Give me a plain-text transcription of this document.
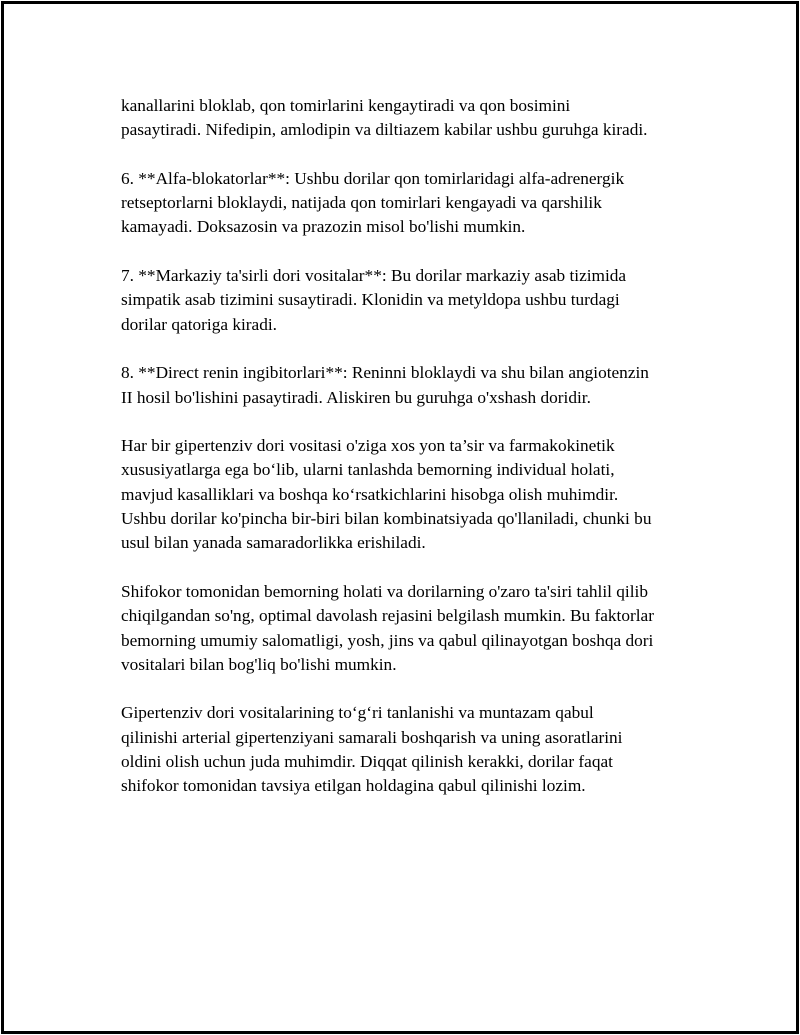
kanallarini bloklab, qon tomirlarini kengaytiradi va qon bosimini
pasaytiradi. Nifedipin, amlodipin va diltiazem kabilar ushbu guruhga kiradi.

6. **Alfa-blokatorlar**: Ushbu dorilar qon tomirlaridagi alfa-adrenergik
retseptorlarni bloklaydi, natijada qon tomirlari kengayadi va qarshilik
kamayadi. Doksazosin va prazozin misol bo'lishi mumkin.

7. **Markaziy ta'sirli dori vositalar**: Bu dorilar markaziy asab tizimida
simpatik asab tizimini susaytiradi. Klonidin va metyldopa ushbu turdagi
dorilar qatoriga kiradi.

8. **Direct renin ingibitorlari**: Reninni bloklaydi va shu bilan angiotenzin
II hosil bo'lishini pasaytiradi. Aliskiren bu guruhga o'xshash doridir.

Har bir gipertenziv dori vositasi o'ziga xos yon ta’sir va farmakokinetik
xususiyatlarga ega bo‘lib, ularni tanlashda bemorning individual holati,
mavjud kasalliklari va boshqa ko‘rsatkichlarini hisobga olish muhimdir.
Ushbu dorilar ko'pincha bir-biri bilan kombinatsiyada qo'llaniladi, chunki bu
usul bilan yanada samaradorlikka erishiladi.

Shifokor tomonidan bemorning holati va dorilarning o'zaro ta'siri tahlil qilib
chiqilgandan so'ng, optimal davolash rejasini belgilash mumkin. Bu faktorlar
bemorning umumiy salomatligi, yosh, jins va qabul qilinayotgan boshqa dori
vositalari bilan bog'liq bo'lishi mumkin.

Gipertenziv dori vositalarining to‘g‘ri tanlanishi va muntazam qabul
qilinishi arterial gipertenziyani samarali boshqarish va uning asoratlarini
oldini olish uchun juda muhimdir. Diqqat qilinish kerakki, dorilar faqat
shifokor tomonidan tavsiya etilgan holdagina qabul qilinishi lozim.
